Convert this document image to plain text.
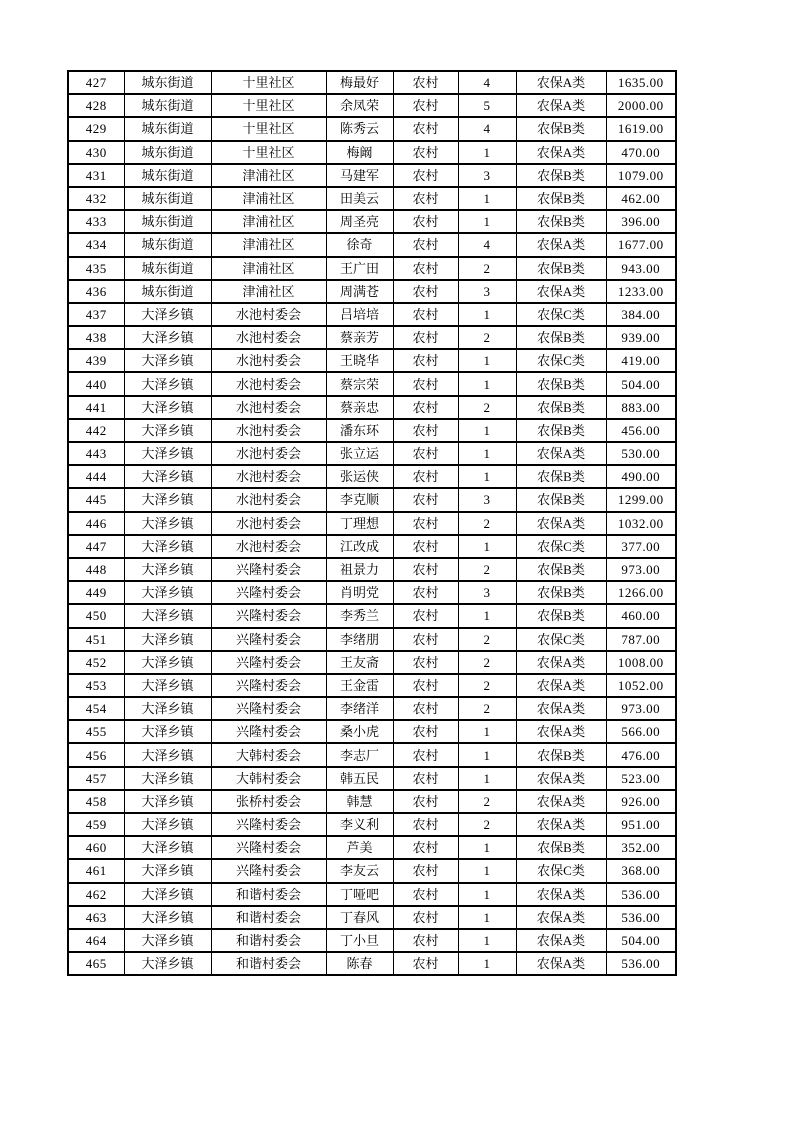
427	城东街道	十里社区	梅最好	农村	4	农保A类	1635.00
428	城东街道	十里社区	余凤荣	农村	5	农保A类	2000.00
429	城东街道	十里社区	陈秀云	农村	4	农保B类	1619.00
430	城东街道	十里社区	梅阚	农村	1	农保A类	470.00
431	城东街道	津浦社区	马建军	农村	3	农保B类	1079.00
432	城东街道	津浦社区	田美云	农村	1	农保B类	462.00
433	城东街道	津浦社区	周圣亮	农村	1	农保B类	396.00
434	城东街道	津浦社区	徐奇	农村	4	农保A类	1677.00
435	城东街道	津浦社区	王广田	农村	2	农保B类	943.00
436	城东街道	津浦社区	周满苍	农村	3	农保A类	1233.00
437	大泽乡镇	水池村委会	吕培培	农村	1	农保C类	384.00
438	大泽乡镇	水池村委会	蔡亲芳	农村	2	农保B类	939.00
439	大泽乡镇	水池村委会	王晓华	农村	1	农保C类	419.00
440	大泽乡镇	水池村委会	蔡宗荣	农村	1	农保B类	504.00
441	大泽乡镇	水池村委会	蔡亲忠	农村	2	农保B类	883.00
442	大泽乡镇	水池村委会	潘东环	农村	1	农保B类	456.00
443	大泽乡镇	水池村委会	张立运	农村	1	农保A类	530.00
444	大泽乡镇	水池村委会	张运侠	农村	1	农保B类	490.00
445	大泽乡镇	水池村委会	李克顺	农村	3	农保B类	1299.00
446	大泽乡镇	水池村委会	丁理想	农村	2	农保A类	1032.00
447	大泽乡镇	水池村委会	江改成	农村	1	农保C类	377.00
448	大泽乡镇	兴隆村委会	祖景力	农村	2	农保B类	973.00
449	大泽乡镇	兴隆村委会	肖明党	农村	3	农保B类	1266.00
450	大泽乡镇	兴隆村委会	李秀兰	农村	1	农保B类	460.00
451	大泽乡镇	兴隆村委会	李绪朋	农村	2	农保C类	787.00
452	大泽乡镇	兴隆村委会	王友斋	农村	2	农保A类	1008.00
453	大泽乡镇	兴隆村委会	王金雷	农村	2	农保A类	1052.00
454	大泽乡镇	兴隆村委会	李绪洋	农村	2	农保A类	973.00
455	大泽乡镇	兴隆村委会	桑小虎	农村	1	农保A类	566.00
456	大泽乡镇	大韩村委会	李志厂	农村	1	农保B类	476.00
457	大泽乡镇	大韩村委会	韩五民	农村	1	农保A类	523.00
458	大泽乡镇	张桥村委会	韩慧	农村	2	农保A类	926.00
459	大泽乡镇	兴隆村委会	李义利	农村	2	农保A类	951.00
460	大泽乡镇	兴隆村委会	芦美	农村	1	农保B类	352.00
461	大泽乡镇	兴隆村委会	李友云	农村	1	农保C类	368.00
462	大泽乡镇	和谐村委会	丁哑吧	农村	1	农保A类	536.00
463	大泽乡镇	和谐村委会	丁春风	农村	1	农保A类	536.00
464	大泽乡镇	和谐村委会	丁小旦	农村	1	农保A类	504.00
465	大泽乡镇	和谐村委会	陈春	农村	1	农保A类	536.00
